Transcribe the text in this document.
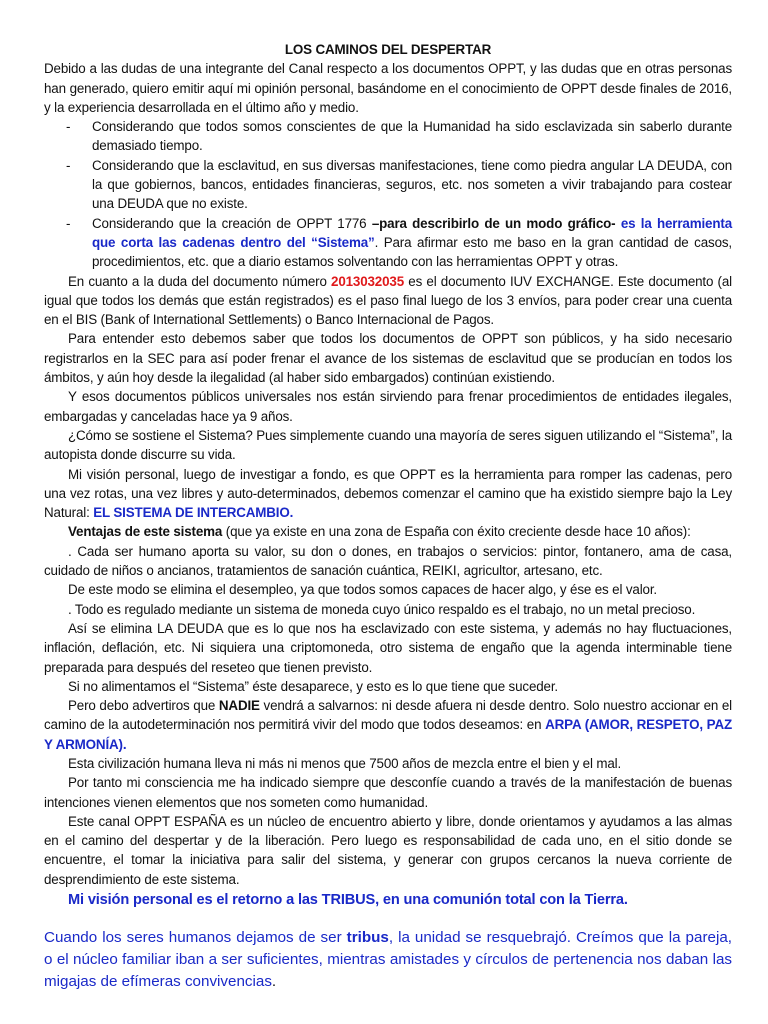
LOS CAMINOS DEL DESPERTAR

Debido a las dudas de una integrante del Canal respecto a los documentos OPPT, y las dudas que en otras personas han generado, quiero emitir aquí mi opinión personal, basándome en el conocimiento de OPPT desde finales de 2016, y la experiencia desarrollada en el último año y medio.

- Considerando que todos somos conscientes de que la Humanidad ha sido esclavizada sin saberlo durante demasiado tiempo.
- Considerando que la esclavitud, en sus diversas manifestaciones, tiene como piedra angular LA DEUDA, con la que gobiernos, bancos, entidades financieras, seguros, etc. nos someten a vivir trabajando para costear una DEUDA que no existe.
- Considerando que la creación de OPPT 1776 –para describirlo de un modo gráfico- es la herramienta que corta las cadenas dentro del “Sistema”. Para afirmar esto me baso en la gran cantidad de casos, procedimientos, etc. que a diario estamos solventando con las herramientas OPPT y otras.

En cuanto a la duda del documento número 2013032035 es el documento IUV EXCHANGE. Este documento (al igual que todos los demás que están registrados) es el paso final luego de los 3 envíos, para poder crear una cuenta en el BIS (Bank of International Settlements) o Banco Internacional de Pagos.

Para entender esto debemos saber que todos los documentos de OPPT son públicos, y ha sido necesario registrarlos en la SEC para así poder frenar el avance de los sistemas de esclavitud que se producían en todos los ámbitos, y aún hoy desde la ilegalidad (al haber sido embargados) continúan existiendo.

Y esos documentos públicos universales nos están sirviendo para frenar procedimientos de entidades ilegales, embargadas y canceladas hace ya 9 años.

¿Cómo se sostiene el Sistema? Pues simplemente cuando una mayoría de seres siguen utilizando el “Sistema”, la autopista donde discurre su vida.

Mi visión personal, luego de investigar a fondo, es que OPPT es la herramienta para romper las cadenas, pero una vez rotas, una vez libres y auto-determinados, debemos comenzar el camino que ha existido siempre bajo la Ley Natural: EL SISTEMA DE INTERCAMBIO.

Ventajas de este sistema (que ya existe en una zona de España con éxito creciente desde hace 10 años):

. Cada ser humano aporta su valor, su don o dones, en trabajos o servicios: pintor, fontanero, ama de casa, cuidado de niños o ancianos, tratamientos de sanación cuántica, REIKI, agricultor, artesano, etc.

De este modo se elimina el desempleo, ya que todos somos capaces de hacer algo, y ése es el valor.

. Todo es regulado mediante un sistema de moneda cuyo único respaldo es el trabajo, no un metal precioso.

Así se elimina LA DEUDA que es lo que nos ha esclavizado con este sistema, y además no hay fluctuaciones, inflación, deflación, etc. Ni siquiera una criptomoneda, otro sistema de engaño que la agenda interminable tiene preparada para después del reseteo que tienen previsto.

Si no alimentamos el “Sistema” éste desaparece, y esto es lo que tiene que suceder.

Pero debo advertiros que NADIE vendrá a salvarnos: ni desde afuera ni desde dentro. Solo nuestro accionar en el camino de la autodeterminación nos permitirá vivir del modo que todos deseamos: en ARPA (AMOR, RESPETO, PAZ Y ARMONÍA).

Esta civilización humana lleva ni más ni menos que 7500 años de mezcla entre el bien y el mal.

Por tanto mi consciencia me ha indicado siempre que desconfíe cuando a través de la manifestación de buenas intenciones vienen elementos que nos someten como humanidad.

Este canal OPPT ESPAÑA es un núcleo de encuentro abierto y libre, donde orientamos y ayudamos a las almas en el camino del despertar y de la liberación. Pero luego es responsabilidad de cada uno, en el sitio donde se encuentre, el tomar la iniciativa para salir del sistema, y generar con grupos cercanos la nueva corriente de desprendimiento de este sistema.

Mi visión personal es el retorno a las TRIBUS, en una comunión total con la Tierra.

Cuando los seres humanos dejamos de ser tribus, la unidad se resquebrajó. Creímos que la pareja, o el núcleo familiar iban a ser suficientes, mientras amistades y círculos de pertenencia nos daban las migajas de efímeras convivencias.
